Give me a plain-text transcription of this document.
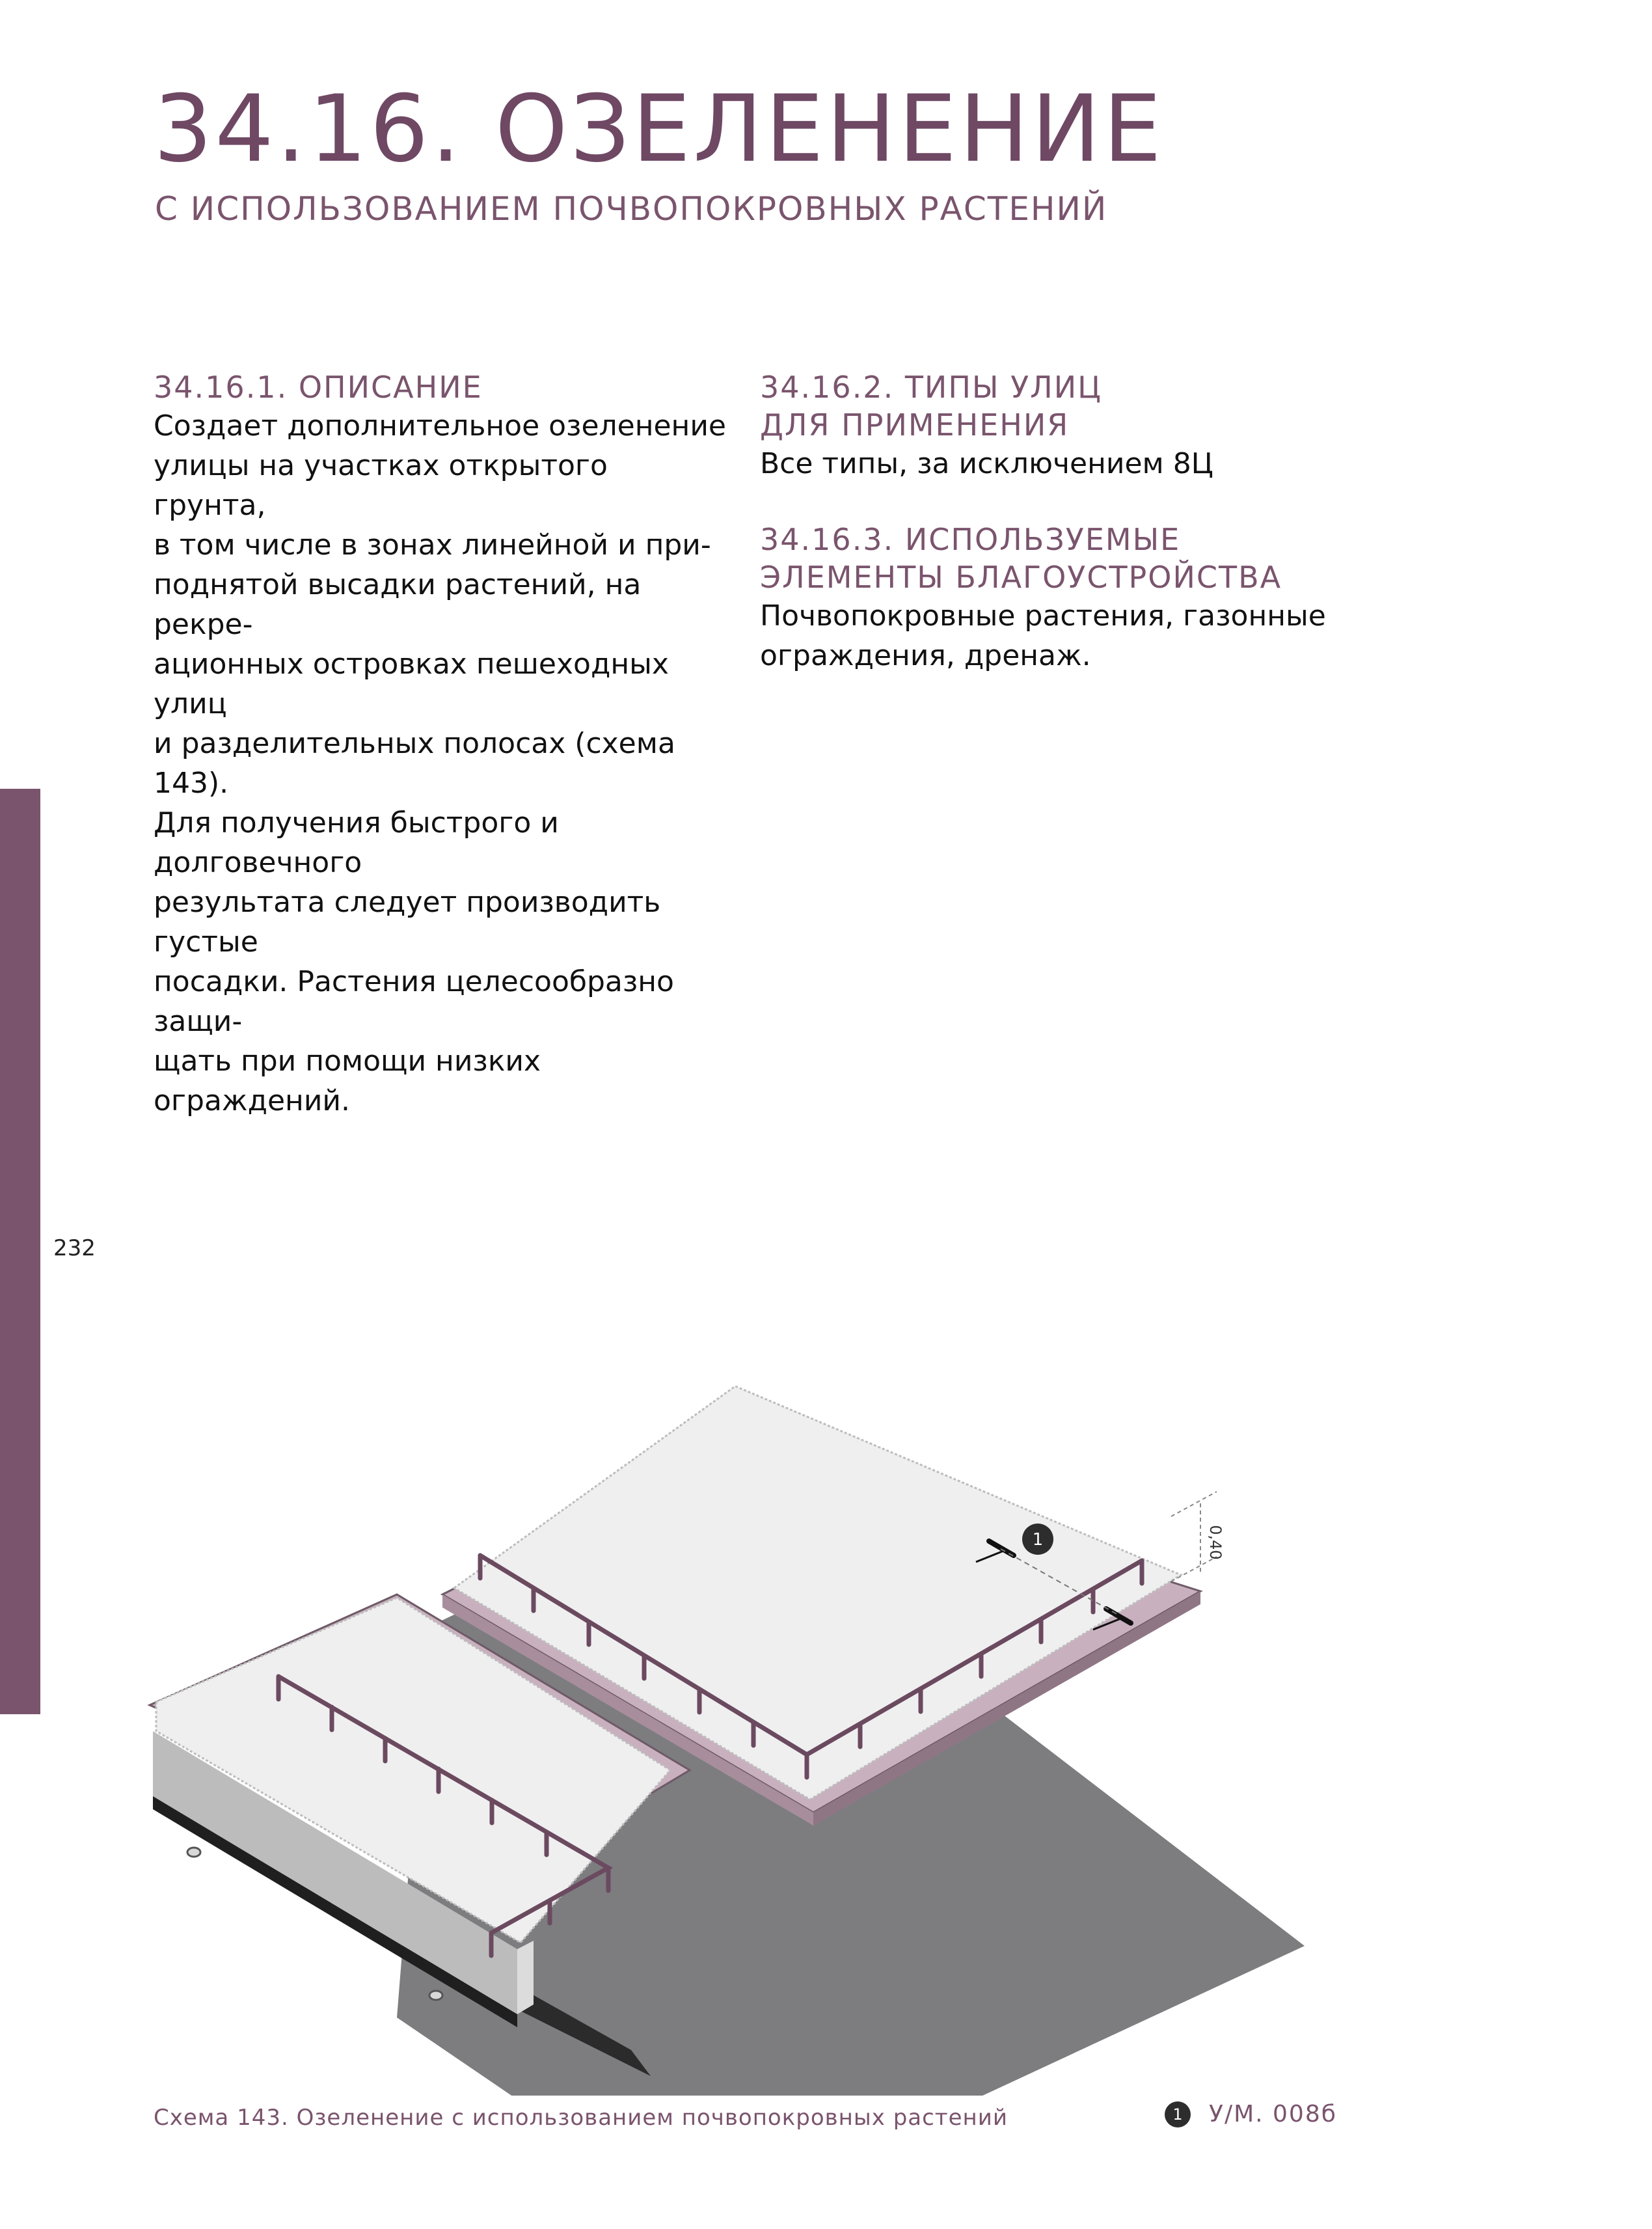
232
34.16. ОЗЕЛЕНЕНИЕ
С ИСПОЛЬЗОВАНИЕМ ПОЧВОПОКРОВНЫХ РАСТЕНИЙ

34.16.1. ОПИСАНИЕ

Создает дополнительное озеленение
улицы на участках открытого грунта,
в том числе в зонах линейной и при-
поднятой высадки растений, на рекре-
ационных островках пешеходных улиц
и разделительных полосах (схема 143).
Для получения быстрого и долговечного
результата следует производить густые
посадки. Растения целесообразно защи-
щать при помощи низких ограждений.

34.16.2. ТИПЫ УЛИЦ
ДЛЯ ПРИМЕНЕНИЯ

Все типы, за исключением 8Ц

34.16.3. ИСПОЛЬЗУЕМЫЕ
ЭЛЕМЕНТЫ БЛАГОУСТРОЙСТВА

Почвопокровные растения, газонные
ограждения, дренаж.

1	0,40
Схема 143. Озеленение с использованием почвопокровных растений	1	У/М. 008б
